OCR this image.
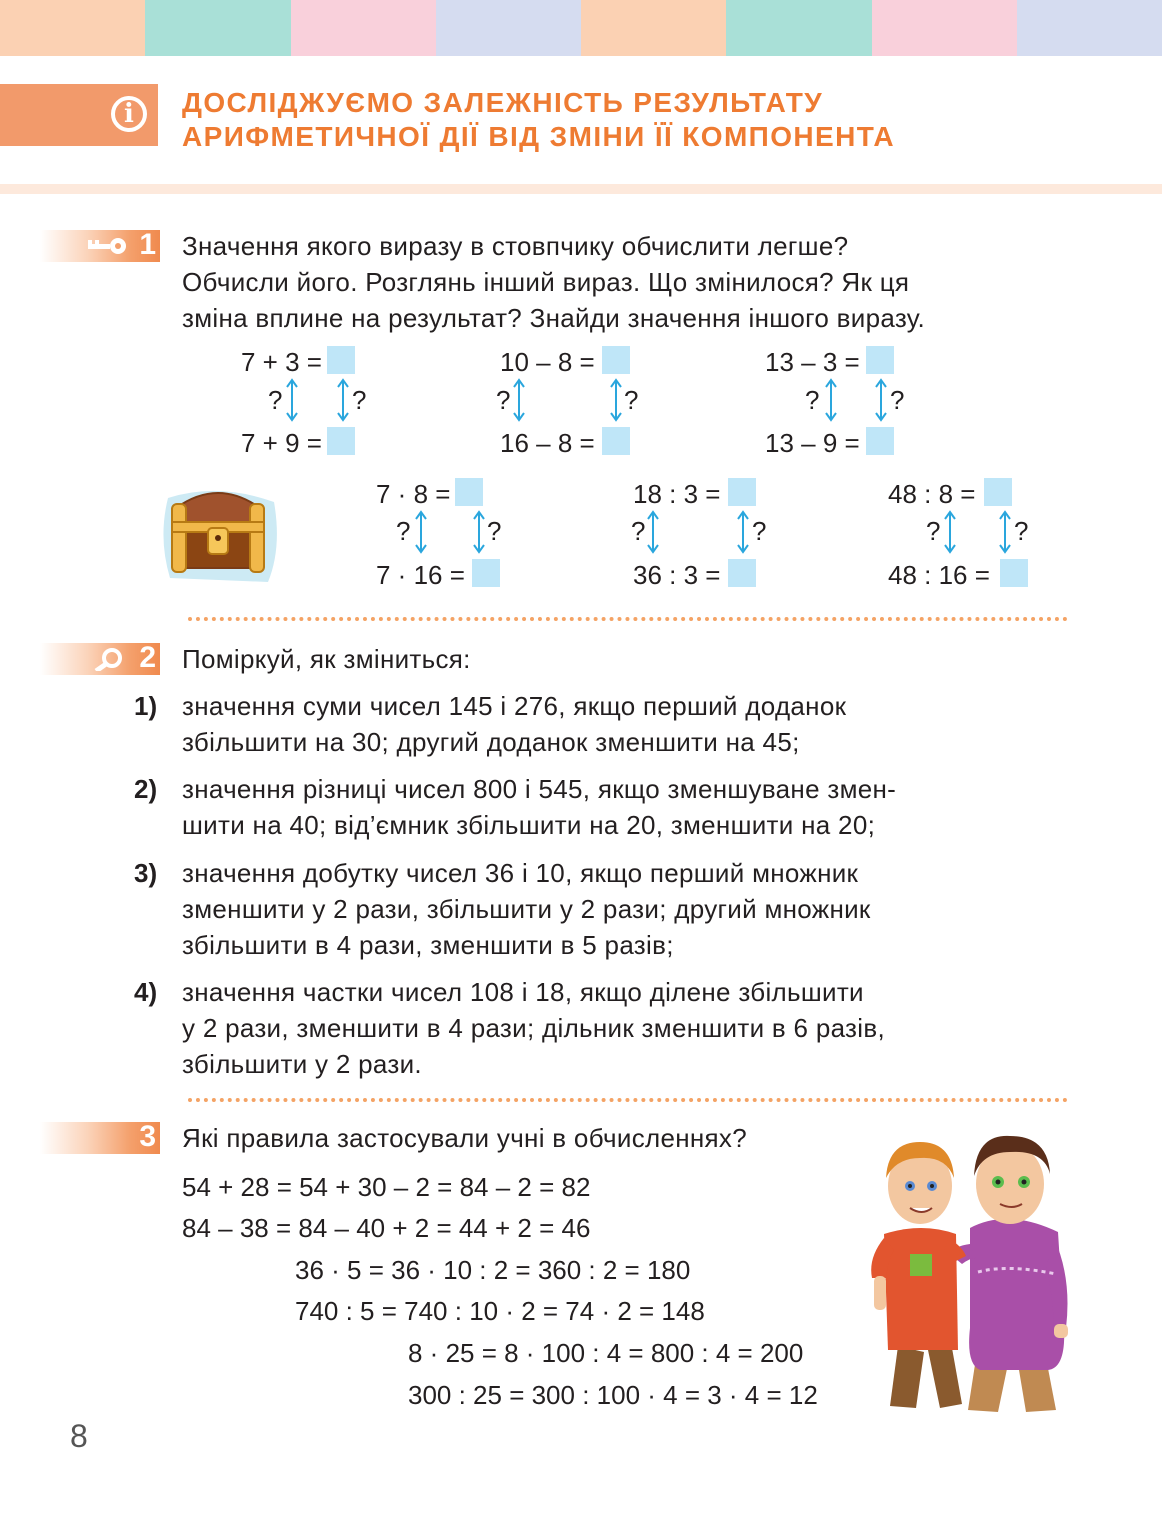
i	ДОСЛІДЖУЄМО ЗАЛЕЖНІСТЬ РЕЗУЛЬТАТУ
АРИФМЕТИЧНОЇ ДІЇ ВІД ЗМІНИ ЇЇ КОМПОНЕНТА
1 Значення якого виразу в стовпчику обчислити легше?
Обчисли його. Розглянь інший вираз. Що змінилося? Як ця
зміна вплине на результат? Знайди значення іншого виразу.
7 + 3 =
?	?
7 + 9 =
10 – 8 =
?	?
16 – 8 =
13 – 3 =
?	?
13 – 9 =
7 · 8 =
?	?
7 · 16 =
18 : 3 =
?	?
36 : 3 =
48 : 8 =
?	?
48 : 16 =
2 Поміркуй, як зміниться:
1) значення суми чисел 145 і 276, якщо перший доданок
збільшити на 30; другий доданок зменшити на 45;
2) значення різниці чисел 800 і 545, якщо зменшуване змен-
шити на 40; від’ємник збільшити на 20, зменшити на 20;
3) значення добутку чисел 36 і 10, якщо перший множник
зменшити у 2 рази, збільшити у 2 рази; другий множник
збільшити в 4 рази, зменшити в 5 разів;
4) значення частки чисел 108 і 18, якщо ділене збільшити
у 2 рази, зменшити в 4 рази; дільник зменшити в 6 разів,
збільшити у 2 рази.
3 Які правила застосували учні в обчисленнях?
54 + 28 = 54 + 30 – 2 = 84 – 2 = 82
84 – 38 = 84 – 40 + 2 = 44 + 2 = 46
36 · 5 = 36 · 10 : 2 = 360 : 2 = 180
740 : 5 = 740 : 10 · 2 = 74 · 2 = 148
8 · 25 = 8 · 100 : 4 = 800 : 4 = 200
300 : 25 = 300 : 100 · 4 = 3 · 4 = 12
8
